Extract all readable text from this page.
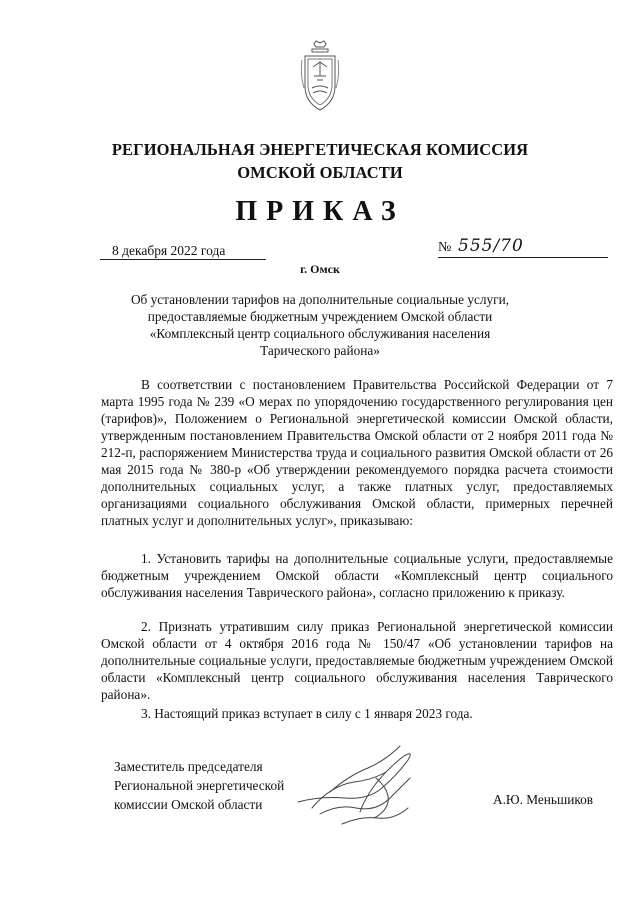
РЕГИОНАЛЬНАЯ ЭНЕРГЕТИЧЕСКАЯ КОМИССИЯ
ОМСКОЙ ОБЛАСТИ
ПРИКАЗ
8 декабря 2022 года	№ 555/70
г. Омск
Об установлении тарифов на дополнительные социальные услуги,
предоставляемые бюджетным учреждением Омской области
«Комплексный центр социального обслуживания населения
Тарического района»
В соответствии с постановлением Правительства Российской Федерации от 7 марта 1995 года № 239 «О мерах по упорядочению государственного регулирования цен (тарифов)», Положением о Региональной энергетической комиссии Омской области, утвержденным постановлением Правительства Омской области от 2 ноября 2011 года № 212-п, распоряжением Министерства труда и социального развития Омской области от 26 мая 2015 года № 380-р «Об утверждении рекомендуемого порядка расчета стоимости дополнительных социальных услуг, а также платных услуг, предоставляемых организациями социального обслуживания Омской области, примерных перечней платных услуг и дополнительных услуг», приказываю:
1. Установить тарифы на дополнительные социальные услуги, предоставляемые бюджетным учреждением Омской области «Комплексный центр социального обслуживания населения Таврического района», согласно приложению к приказу.
2. Признать утратившим силу приказ Региональной энергетической комиссии Омской области от 4 октября 2016 года № 150/47 «Об установлении тарифов на дополнительные социальные услуги, предоставляемые бюджетным учреждением Омской области «Комплексный центр социального обслуживания населения Таврического района».
3. Настоящий приказ вступает в силу с 1 января 2023 года.
Заместитель председателя
Региональной энергетической
комиссии Омской области	А.Ю. Меньшиков
